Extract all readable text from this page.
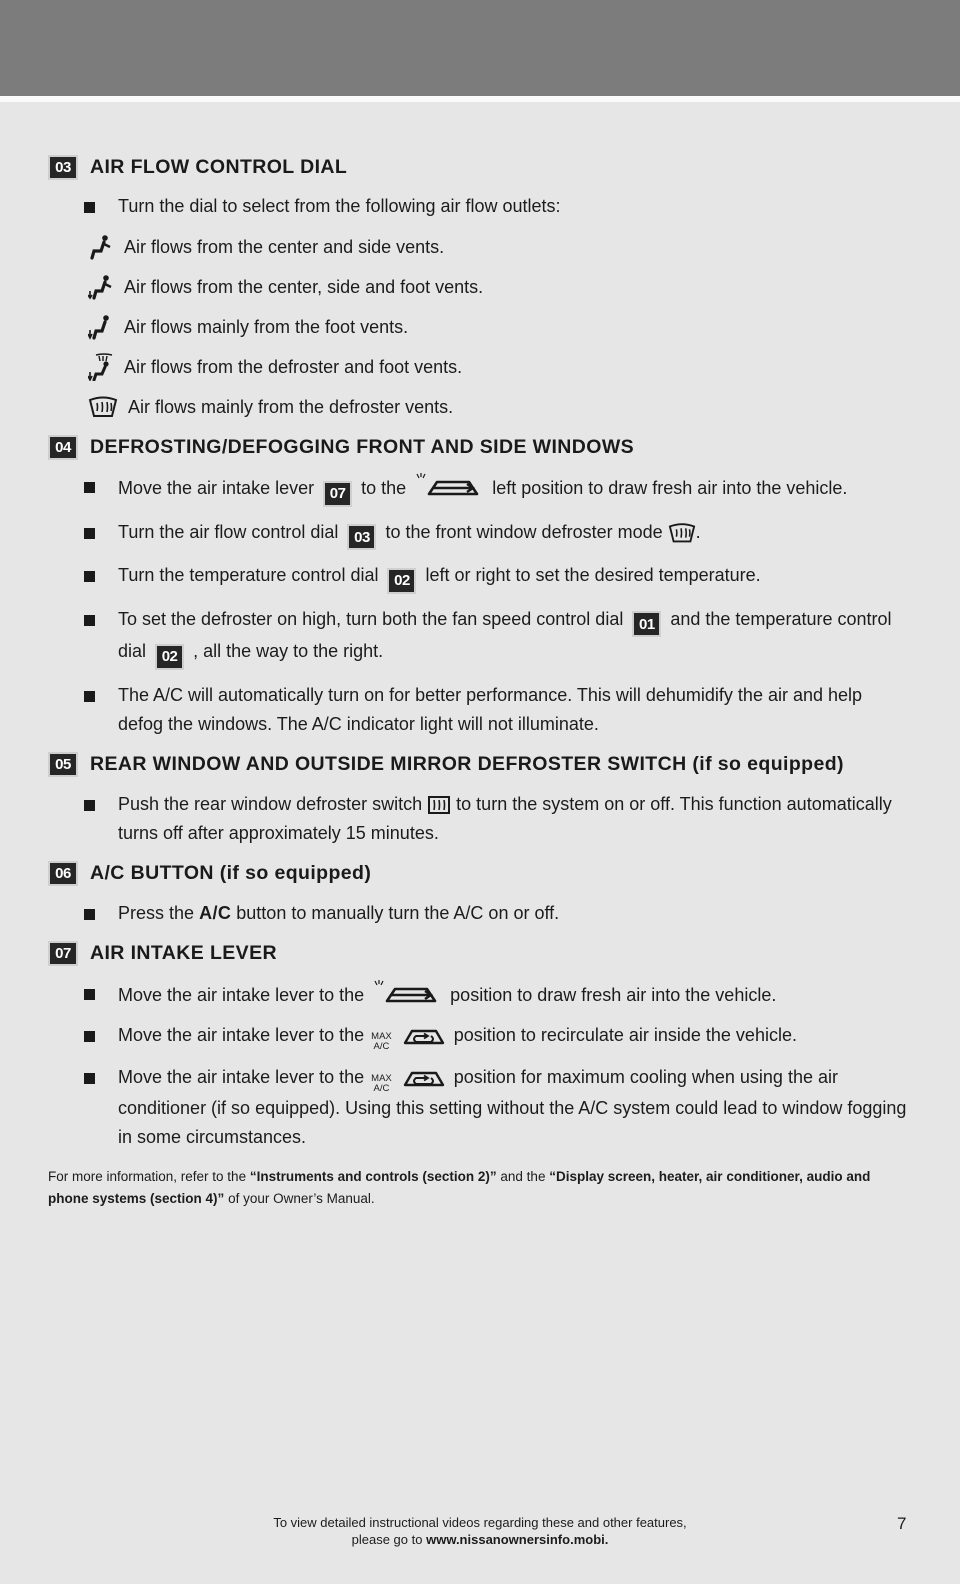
03 AIR FLOW CONTROL DIAL
Turn the dial to select from the following air flow outlets:
Air flows from the center and side vents.
Air flows from the center, side and foot vents.
Air flows mainly from the foot vents.
Air flows from the defroster and foot vents.
Air flows mainly from the defroster vents.
04 DEFROSTING/DEFOGGING FRONT AND SIDE WINDOWS
Move the air intake lever 07 to the	left position to draw fresh air into the vehicle.
Turn the air flow control dial 03 to the front window defroster mode .
Turn the temperature control dial 02 left or right to set the desired temperature.
To set the defroster on high, turn both the fan speed control dial 01 and the temperature control dial 02 , all the way to the right.
The A/C will automatically turn on for better performance. This will dehumidify the air and help defog the windows. The A/C indicator light will not illuminate.
05 REAR WINDOW AND OUTSIDE MIRROR DEFROSTER SWITCH (if so equipped)
Push the rear window defroster switch to turn the system on or off. This function automatically turns off after approximately 15 minutes.
06 A/C BUTTON (if so equipped)
Press the A/C button to manually turn the A/C on or off.
07 AIR INTAKE LEVER
Move the air intake lever to the	position to draw fresh air into the vehicle.
Move the air intake lever to the MAX
A/C  position to recirculate air inside the vehicle.
Move the air intake lever to the MAX
A/C  position for maximum cooling when using the air conditioner (if so equipped). Using this setting without the A/C system could lead to window fogging in some circumstances.
For more information, refer to the “Instruments and controls (section 2)” and the “Display screen, heater, air conditioner, audio and phone systems (section 4)” of your Owner’s Manual.
To view detailed instructional videos regarding these and other features,
please go to www.nissanownersinfo.mobi.
7
